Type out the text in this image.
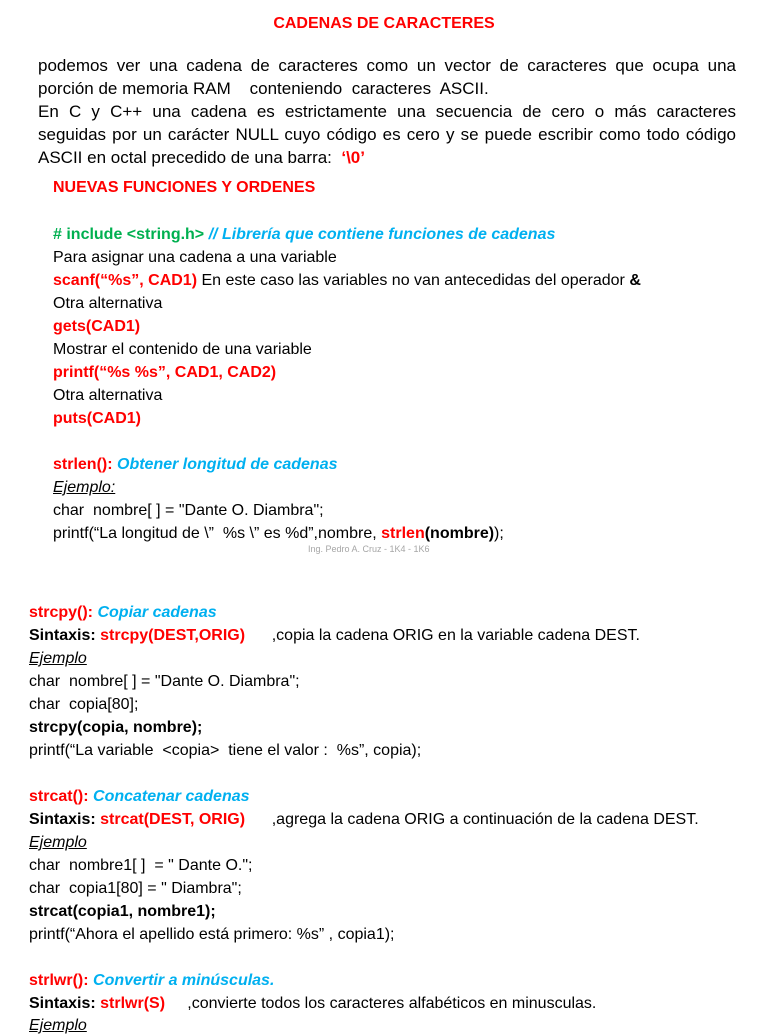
CADENAS DE CARACTERES
podemos ver una cadena de caracteres como un vector de caracteres que ocupa una
porción de memoria RAM    conteniendo  caracteres  ASCII.
En C y C++ una cadena es estrictamente una secuencia de cero o más caracteres
seguidas por un carácter NULL cuyo código es cero y se puede escribir como todo código
ASCII en octal precedido de una barra:  ‘\0’
NUEVAS FUNCIONES Y ORDENES
# include <string.h> // Librería que contiene funciones de cadenas
Para asignar una cadena a una variable
scanf(“%s”, CAD1) En este caso las variables no van antecedidas del operador &
Otra alternativa
gets(CAD1)
Mostrar el contenido de una variable
printf(“%s %s”, CAD1, CAD2)
Otra alternativa
puts(CAD1)
strlen(): Obtener longitud de cadenas
Ejemplo:
char  nombre[ ] = "Dante O. Diambra";
printf(“La longitud de \”  %s \” es %d”,nombre, strlen(nombre));
Ing. Pedro A. Cruz - 1K4 - 1K6
strcpy(): Copiar cadenas
Sintaxis: strcpy(DEST,ORIG)      ,copia la cadena ORIG en la variable cadena DEST.
Ejemplo
char  nombre[ ] = "Dante O. Diambra";
char  copia[80];
strcpy(copia, nombre);
printf(“La variable  <copia>  tiene el valor :  %s”, copia);
strcat(): Concatenar cadenas
Sintaxis: strcat(DEST, ORIG)      ,agrega la cadena ORIG a continuación de la cadena DEST.
Ejemplo
char  nombre1[ ]  = " Dante O.";
char  copia1[80] = " Diambra";
strcat(copia1, nombre1);
printf(“Ahora el apellido está primero: %s” , copia1);
strlwr(): Convertir a minúsculas.
Sintaxis: strlwr(S)     ,convierte todos los caracteres alfabéticos en minusculas.
Ejemplo
